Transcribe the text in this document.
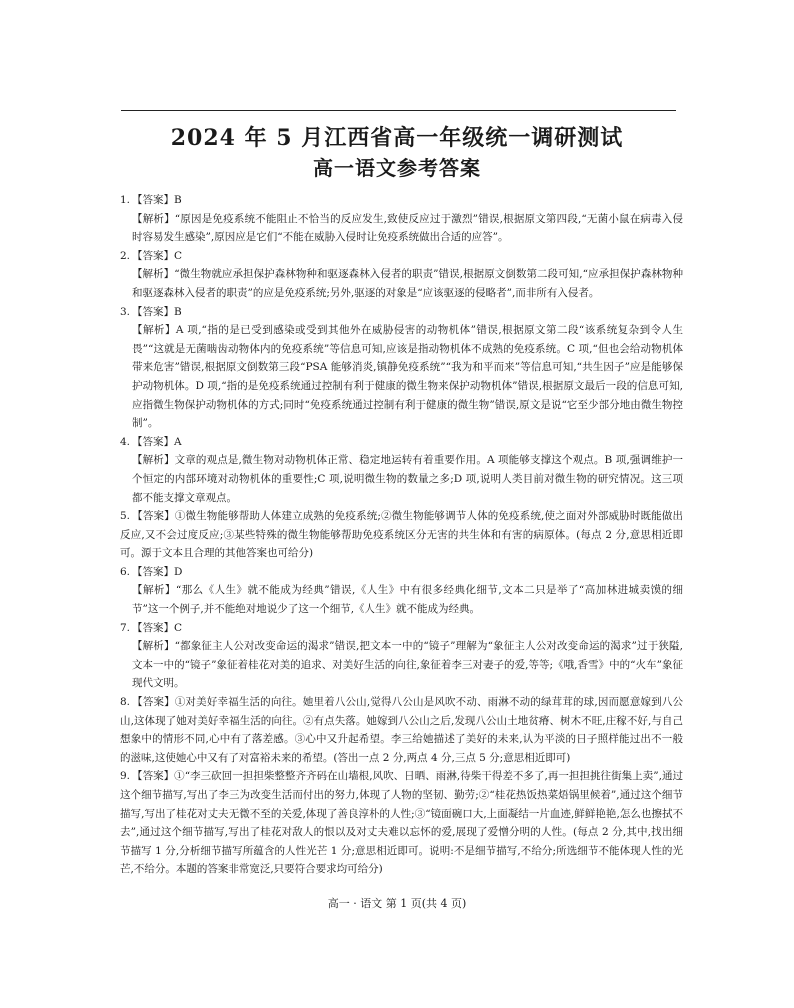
2024 年 5 月江西省高一年级统一调研测试
高一语文参考答案

1. 【答案】B

【解析】“原因是免疫系统不能阻止不恰当的反应发生,致使反应过于激烈”错误,根据原文第四段,“无菌小鼠在病毒入侵时容易发生感染”,原因应是它们“不能在威胁入侵时让免疫系统做出合适的应答”。

2. 【答案】C

【解析】“微生物就应承担保护森林物种和驱逐森林入侵者的职责”错误,根据原文倒数第二段可知,“应承担保护森林物种和驱逐森林入侵者的职责”的应是免疫系统;另外,驱逐的对象是“应该驱逐的侵略者”,而非所有入侵者。

3. 【答案】B

【解析】A 项,“指的是已受到感染或受到其他外在威胁侵害的动物机体”错误,根据原文第二段“该系统复杂到令人生畏”“这就是无菌啮齿动物体内的免疫系统”等信息可知,应该是指动物机体不成熟的免疫系统。C 项,“但也会给动物机体带来危害”错误,根据原文倒数第三段“PSA 能够消炎,镇静免疫系统”“我为和平而来”等信息可知,“共生因子”应是能够保护动物机体。D 项,“指的是免疫系统通过控制有利于健康的微生物来保护动物机体”错误,根据原文最后一段的信息可知,应指微生物保护动物机体的方式;同时“免疫系统通过控制有利于健康的微生物”错误,原文是说“它至少部分地由微生物控制”。

4. 【答案】A

【解析】文章的观点是,微生物对动物机体正常、稳定地运转有着重要作用。A 项能够支撑这个观点。B 项,强调维护一个恒定的内部环境对动物机体的重要性;C 项,说明微生物的数量之多;D 项,说明人类目前对微生物的研究情况。这三项都不能支撑文章观点。

5. 【答案】①微生物能够帮助人体建立成熟的免疫系统;②微生物能够调节人体的免疫系统,使之面对外部威胁时既能做出反应,又不会过度反应;③某些特殊的微生物能够帮助免疫系统区分无害的共生体和有害的病原体。(每点 2 分,意思相近即可。源于文本且合理的其他答案也可给分)

6. 【答案】D

【解析】“那么《人生》就不能成为经典”错误,《人生》中有很多经典化细节,文本二只是举了“高加林进城卖馍的细节”这一个例子,并不能绝对地说少了这一个细节,《人生》就不能成为经典。

7. 【答案】C

【解析】“都象征主人公对改变命运的渴求”错误,把文本一中的“镜子”理解为“象征主人公对改变命运的渴求”过于狭隘,文本一中的“镜子”象征着桂花对美的追求、对美好生活的向往,象征着李三对妻子的爱,等等;《哦,香雪》中的“火车”象征现代文明。

8. 【答案】①对美好幸福生活的向往。她里着八公山,觉得八公山是风吹不动、雨淋不动的绿茸茸的球,因而愿意嫁到八公山,这体现了她对美好幸福生活的向往。②有点失落。她嫁到八公山之后,发现八公山土地贫瘠、树木不旺,庄稼不好,与自己想象中的情形不同,心中有了落差感。③心中又升起希望。李三给她描述了美好的未来,认为平淡的日子照样能过出不一般的滋味,这使她心中又有了对富裕未来的希望。(答出一点 2 分,两点 4 分,三点 5 分;意思相近即可)

9. 【答案】①“李三砍回一担担柴整整齐齐码在山墙根,风吹、日晒、雨淋,待柴干得差不多了,再一担担挑往街集上卖”,通过这个细节描写,写出了李三为改变生活而付出的努力,体现了人物的坚韧、勤劳;②“桂花热饭热菜焐锅里候着”,通过这个细节描写,写出了桂花对丈夫无微不至的关爱,体现了善良淳朴的人性;③“镜面碗口大,上面凝结一片血迹,鲜鲜艳艳,怎么也擦拭不去”,通过这个细节描写,写出了桂花对敌人的恨以及对丈夫难以忘怀的爱,展现了爱憎分明的人性。(每点 2 分,其中,找出细节描写 1 分,分析细节描写所蕴含的人性光芒 1 分;意思相近即可。说明:不是细节描写,不给分;所选细节不能体现人性的光芒,不给分。本题的答案非常宽泛,只要符合要求均可给分)

高一 · 语文 第 1 页(共 4 页)
